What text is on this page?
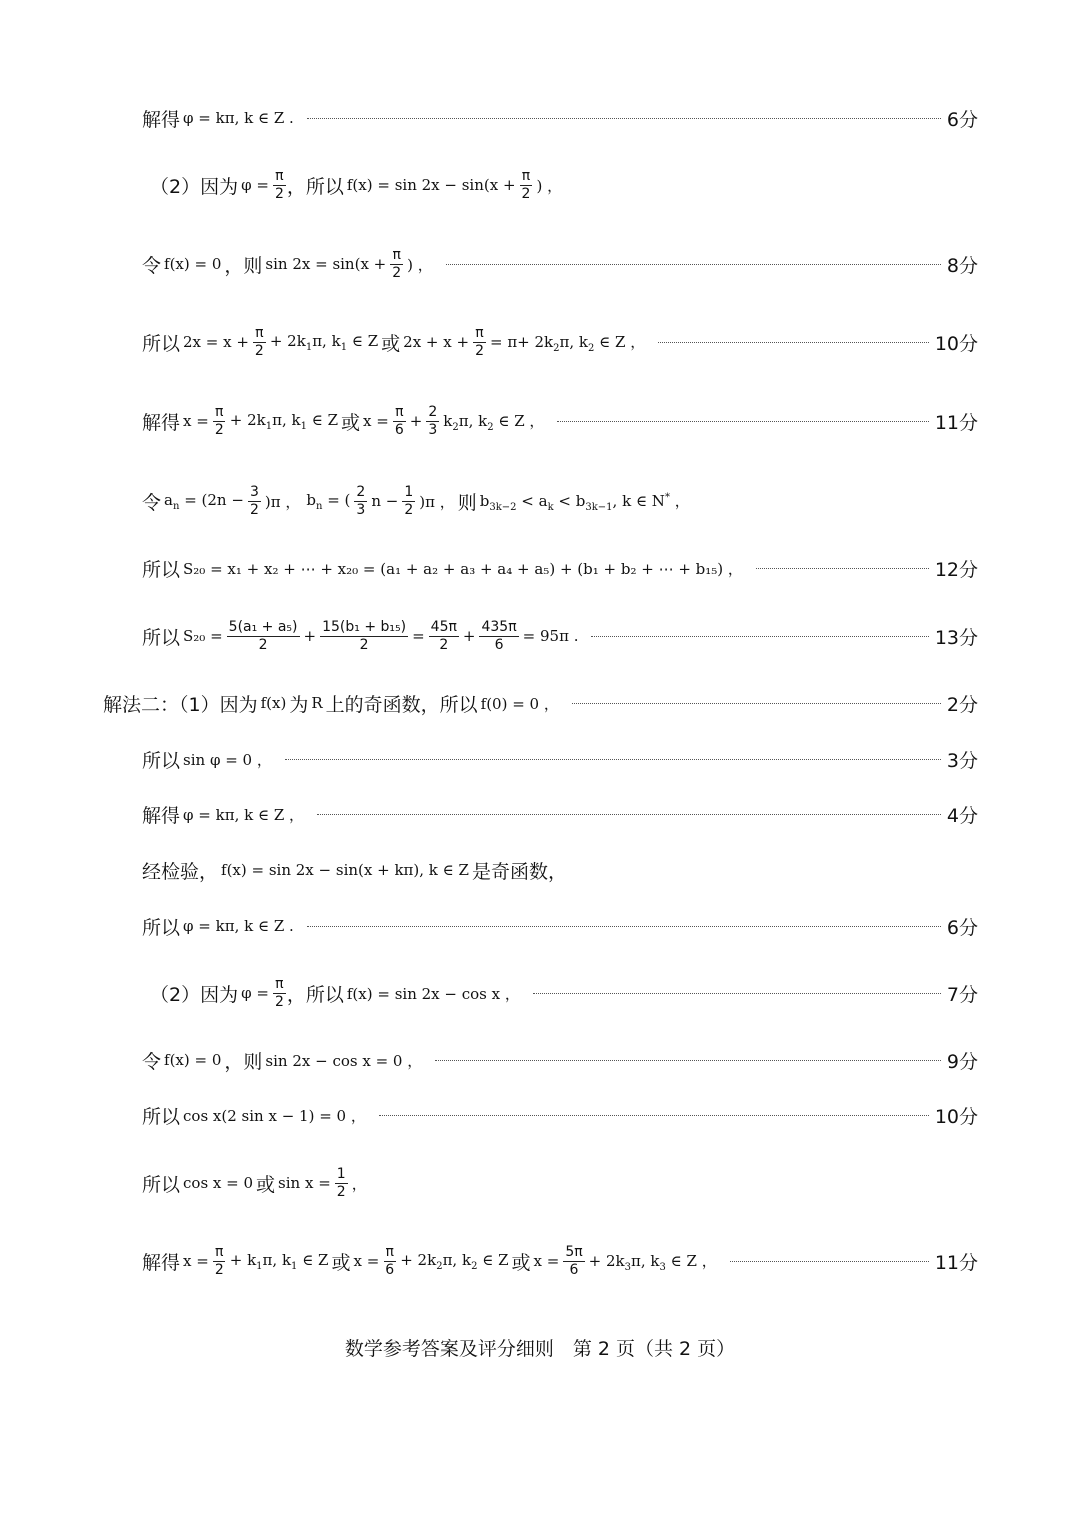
解得 φ = kπ, k ∈ Z .	6分
（2）因为 $\varphi = \frac{\pi}{2}$ ，所以 $f(x) = \sin 2x - \sin(x + \frac{\pi}{2}$ ) ，
令 f(x) = 0 ，则 $\sin 2x = \sin(x + \frac{\pi}{2}$ ) ，	8分
所以 $2x = x + \frac{\pi}{2} + 2k_1\pi$, $k_1$ ∈ Z 或 $2x + x + \frac{\pi}{2} = \pi+ 2k_2\pi$, $k_2$ ∈ Z ，	10分
解得 $x = \frac{\pi}{2} + 2k_1\pi$, $k_1$ ∈ Z 或 $x = \frac{\pi}{6} + \frac{2}{3} k_2\pi$, $k_2$ ∈ Z ，	11分
令 $a_n = (2n - \frac{3}{2} )\pi$ ， $b_n$ = ( $\frac{2}{3}$ $n - \frac{1}{2} )\pi$ ， 则 $b_{3k-2} < a_k < b_{3k-1}$, k ∈ N* ，
所以 S₂₀ = x₁ + x₂ + ⋯ + x₂₀ = (a₁ + a₂ + a₃ + a₄ + a₅) + (b₁ + b₂ + ⋯ + b₁₅) ，	12分
所以 $S_{20} = \frac{\text{5(a₁ + a₅)}}{2} + \frac{\text{15(b₁ + b₁₅)}}{2} = \frac{45\pi}{2} + \frac{435\pi}{6} = 95\pi$ .	13分
解法二：（1）因为 f(x) 为 R 上的奇函数，所以 f(0) = 0 ，	2分
所以 sin φ = 0 ，	3分
解得 φ = kπ, k ∈ Z ，	4分
经检验， f(x) = sin 2x − sin(x + kπ), k ∈ Z 是奇函数，
所以 φ = kπ, k ∈ Z .	6分
（2）因为 $\varphi = \frac{\pi}{2}$ ，所以 f(x) = sin 2x − cos x ，	7分
令 f(x) = 0 ，则 sin 2x − cos x = 0 ，	9分
所以 cos x(2 sin x − 1) = 0 ，	10分
所以 cos x = 0 或 $\sin x = \frac{1}{2}$ ，
解得 $x = \frac{\pi}{2} + k_1\pi$, $k_1$ ∈ Z 或 $x = \frac{\pi}{6} + 2k_2\pi$, $k_2$ ∈ Z 或 $x = \frac{5\pi}{6} + 2k_3\pi$, $k_3$ ∈ Z ，	11分
数学参考答案及评分细则　第 2 页（共 2 页）
